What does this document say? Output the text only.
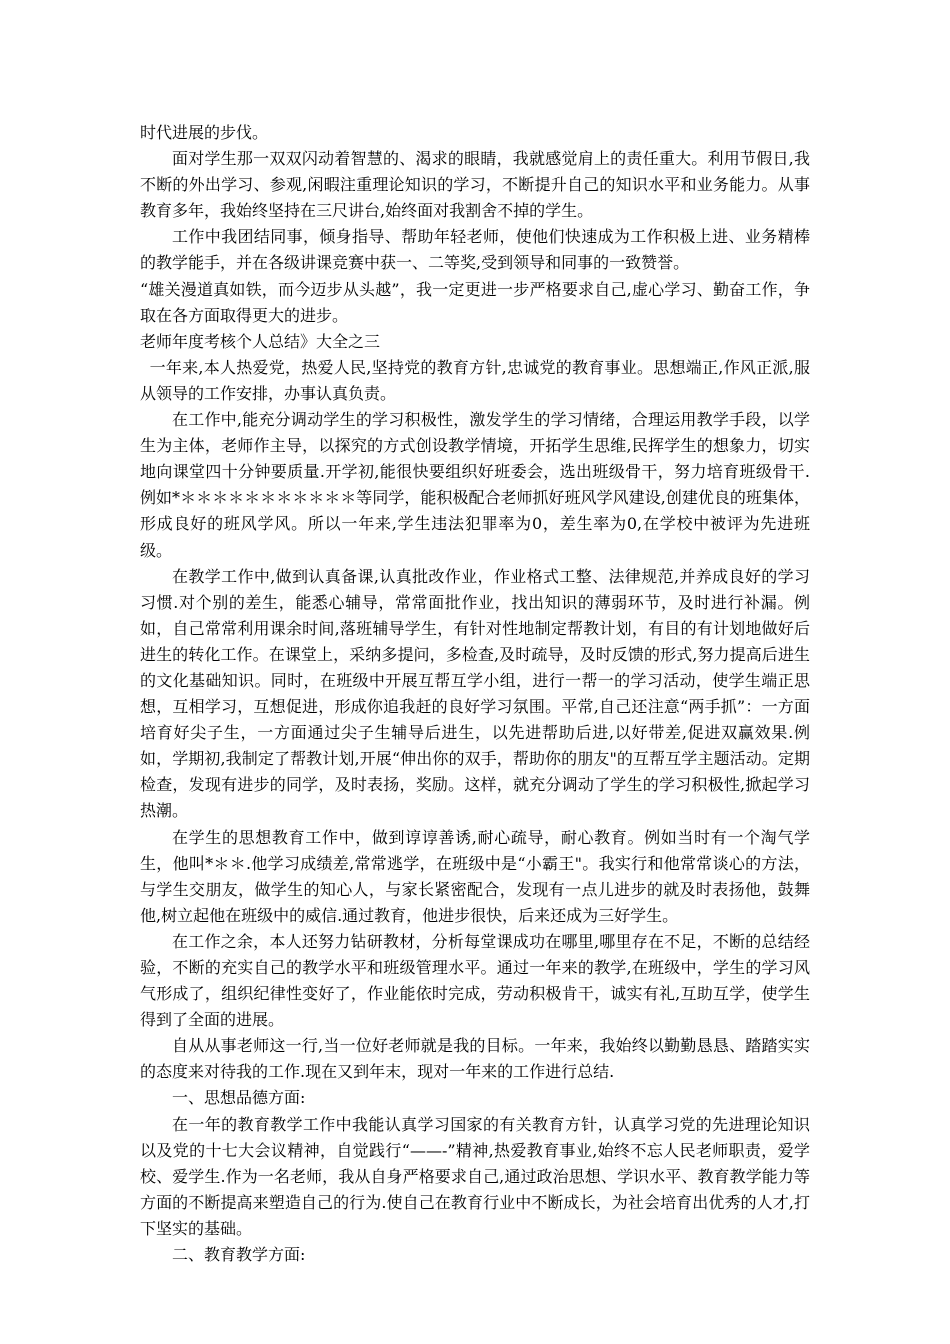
时代进展的步伐。

面对学生那一双双闪动着智慧的、渴求的眼睛，我就感觉肩上的责任重大。利用节假日,我不断的外出学习、参观,闲暇注重理论知识的学习，不断提升自己的知识水平和业务能力。从事教育多年，我始终坚持在三尺讲台,始终面对我割舍不掉的学生。

工作中我团结同事，倾身指导、帮助年轻老师，使他们快速成为工作积极上进、业务精棒的教学能手，并在各级讲课竞赛中获一、二等奖,受到领导和同事的一致赞誉。

“雄关漫道真如铁，而今迈步从头越”，我一定更进一步严格要求自己,虚心学习、勤奋工作，争取在各方面取得更大的进步。

老师年度考核个人总结》大全之三

一年来,本人热爱党，热爱人民,坚持党的教育方针,忠诚党的教育事业。思想端正,作风正派,服从领导的工作安排，办事认真负责。

在工作中,能充分调动学生的学习积极性，激发学生的学习情绪，合理运用教学手段，以学生为主体，老师作主导，以探究的方式创设教学情境，开拓学生思维,民挥学生的想象力，切实地向课堂四十分钟要质量.开学初,能很快要组织好班委会，选出班级骨干，努力培育班级骨干.例如*＊＊＊＊＊＊＊＊＊＊＊等同学，能积极配合老师抓好班风学风建设,创建优良的班集体，形成良好的班风学风。所以一年来,学生违法犯罪率为0，差生率为0,在学校中被评为先进班级。

在教学工作中,做到认真备课,认真批改作业，作业格式工整、法律规范,并养成良好的学习习惯.对个别的差生，能悉心辅导，常常面批作业，找出知识的薄弱环节，及时进行补漏。例如，自己常常利用课余时间,落班辅导学生，有针对性地制定帮教计划，有目的有计划地做好后进生的转化工作。在课堂上，采纳多提问，多检查,及时疏导，及时反馈的形式,努力提高后进生的文化基础知识。同时，在班级中开展互帮互学小组，进行一帮一的学习活动，使学生端正思想，互相学习，互想促进，形成你追我赶的良好学习氛围。平常,自己还注意“两手抓”：一方面培育好尖子生，一方面通过尖子生辅导后进生，以先进帮助后进,以好带差,促进双赢效果.例如，学期初,我制定了帮教计划,开展“伸出你的双手，帮助你的朋友"的互帮互学主题活动。定期检查，发现有进步的同学，及时表扬，奖励。这样，就充分调动了学生的学习积极性,掀起学习热潮。

在学生的思想教育工作中，做到谆谆善诱,耐心疏导，耐心教育。例如当时有一个淘气学生，他叫*＊＊.他学习成绩差,常常逃学，在班级中是“小霸王"。我实行和他常常谈心的方法，与学生交朋友，做学生的知心人，与家长紧密配合，发现有一点儿进步的就及时表扬他，鼓舞他,树立起他在班级中的威信.通过教育，他进步很快，后来还成为三好学生。

在工作之余，本人还努力钻研教材，分析每堂课成功在哪里,哪里存在不足，不断的总结经验，不断的充实自己的教学水平和班级管理水平。通过一年来的教学,在班级中，学生的学习风气形成了，组织纪律性变好了，作业能依时完成，劳动积极肯干，诚实有礼,互助互学，使学生得到了全面的进展。

自从从事老师这一行,当一位好老师就是我的目标。一年来，我始终以勤勤恳恳、踏踏实实的态度来对待我的工作.现在又到年末，现对一年来的工作进行总结.

一、思想品德方面:

在一年的教育教学工作中我能认真学习国家的有关教育方针，认真学习党的先进理论知识以及党的十七大会议精神，自觉践行“——-”精神,热爱教育事业,始终不忘人民老师职责，爱学校、爱学生.作为一名老师，我从自身严格要求自己,通过政治思想、学识水平、教育教学能力等方面的不断提高来塑造自己的行为.使自己在教育行业中不断成长，为社会培育出优秀的人才,打下坚实的基础。

二、教育教学方面:
